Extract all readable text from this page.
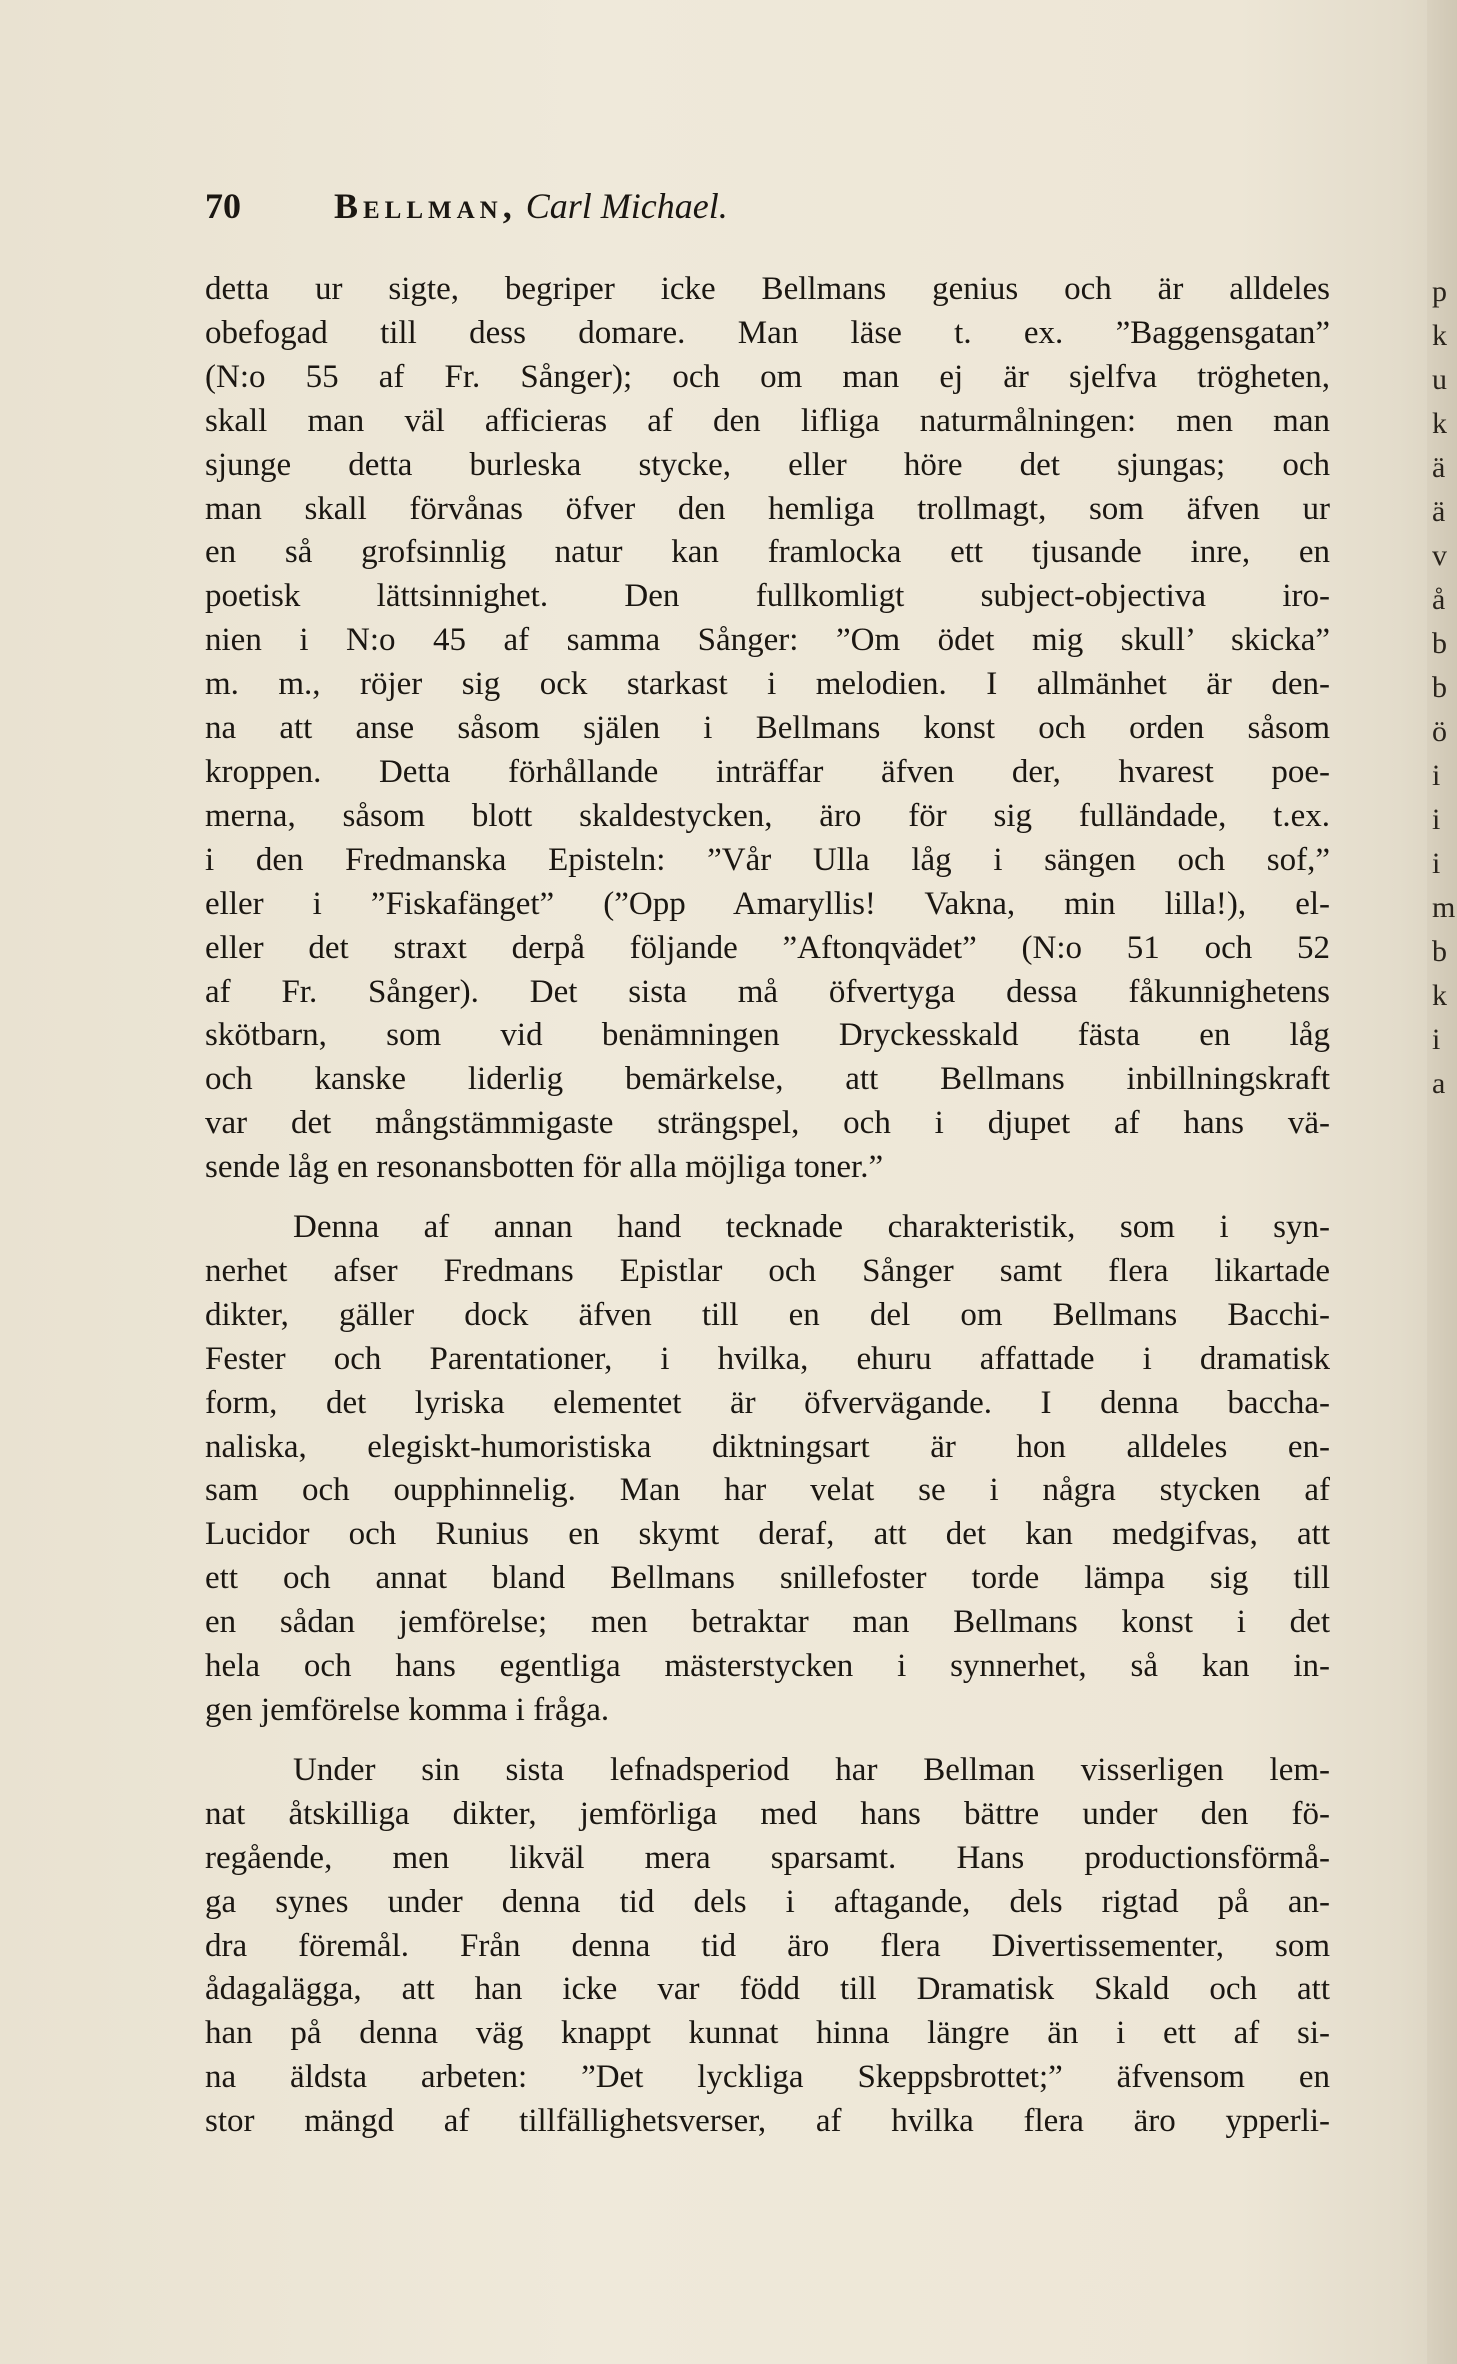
70	Bellman, Carl Michael.

detta ur sigte, begriper icke Bellmans genius och är alldeles
obefogad till dess domare. Man läse t. ex. ”Baggensgatan”
(N:o 55 af Fr. Sånger); och om man ej är sjelfva trögheten,
skall man väl afficieras af den lifliga naturmålningen: men man
sjunge detta burleska stycke, eller höre det sjungas; och
man skall förvånas öfver den hemliga trollmagt, som äfven ur
en så grofsinnlig natur kan framlocka ett tjusande inre, en
poetisk lättsinnighet. Den fullkomligt subject-objectiva iro-
nien i N:o 45 af samma Sånger: ”Om ödet mig skull’ skicka”
m. m., röjer sig ock starkast i melodien. I allmänhet är den-
na att anse såsom själen i Bellmans konst och orden såsom
kroppen. Detta förhållande inträffar äfven der, hvarest poe-
merna, såsom blott skaldestycken, äro för sig fulländade, t.ex.
i den Fredmanska Episteln: ”Vår Ulla låg i sängen och sof,”
eller i ”Fiskafänget” (”Opp Amaryllis! Vakna, min lilla!), el-
eller det straxt derpå följande ”Aftonqvädet” (N:o 51 och 52
af Fr. Sånger). Det sista må öfvertyga dessa fåkunnighetens
skötbarn, som vid benämningen Dryckesskald fästa en låg
och kanske liderlig bemärkelse, att Bellmans inbillningskraft
var det mångstämmigaste strängspel, och i djupet af hans vä-
sende låg en resonansbotten för alla möjliga toner.”

Denna af annan hand tecknade charakteristik, som i syn-
nerhet afser Fredmans Epistlar och Sånger samt flera likartade
dikter, gäller dock äfven till en del om Bellmans Bacchi-
Fester och Parentationer, i hvilka, ehuru affattade i dramatisk
form, det lyriska elementet är öfvervägande. I denna baccha-
naliska, elegiskt-humoristiska diktningsart är hon alldeles en-
sam och oupphinnelig. Man har velat se i några stycken af
Lucidor och Runius en skymt deraf, att det kan medgifvas, att
ett och annat bland Bellmans snillefoster torde lämpa sig till
en sådan jemförelse; men betraktar man Bellmans konst i det
hela och hans egentliga mästerstycken i synnerhet, så kan in-
gen jemförelse komma i fråga.

Under sin sista lefnadsperiod har Bellman visserligen lem-
nat åtskilliga dikter, jemförliga med hans bättre under den fö-
regående, men likväl mera sparsamt. Hans productionsförmå-
ga synes under denna tid dels i aftagande, dels rigtad på an-
dra föremål. Från denna tid äro flera Divertissementer, som
ådagalägga, att han icke var född till Dramatisk Skald och att
han på denna väg knappt kunnat hinna längre än i ett af si-
na äldsta arbeten: ”Det lyckliga Skeppsbrottet;” äfvensom en
stor mängd af tillfällighetsverser, af hvilka flera äro ypperli-

p
k
u
k
ä
ä
v
å
b
b
ö
i
i
i
m
b
k
i
a
